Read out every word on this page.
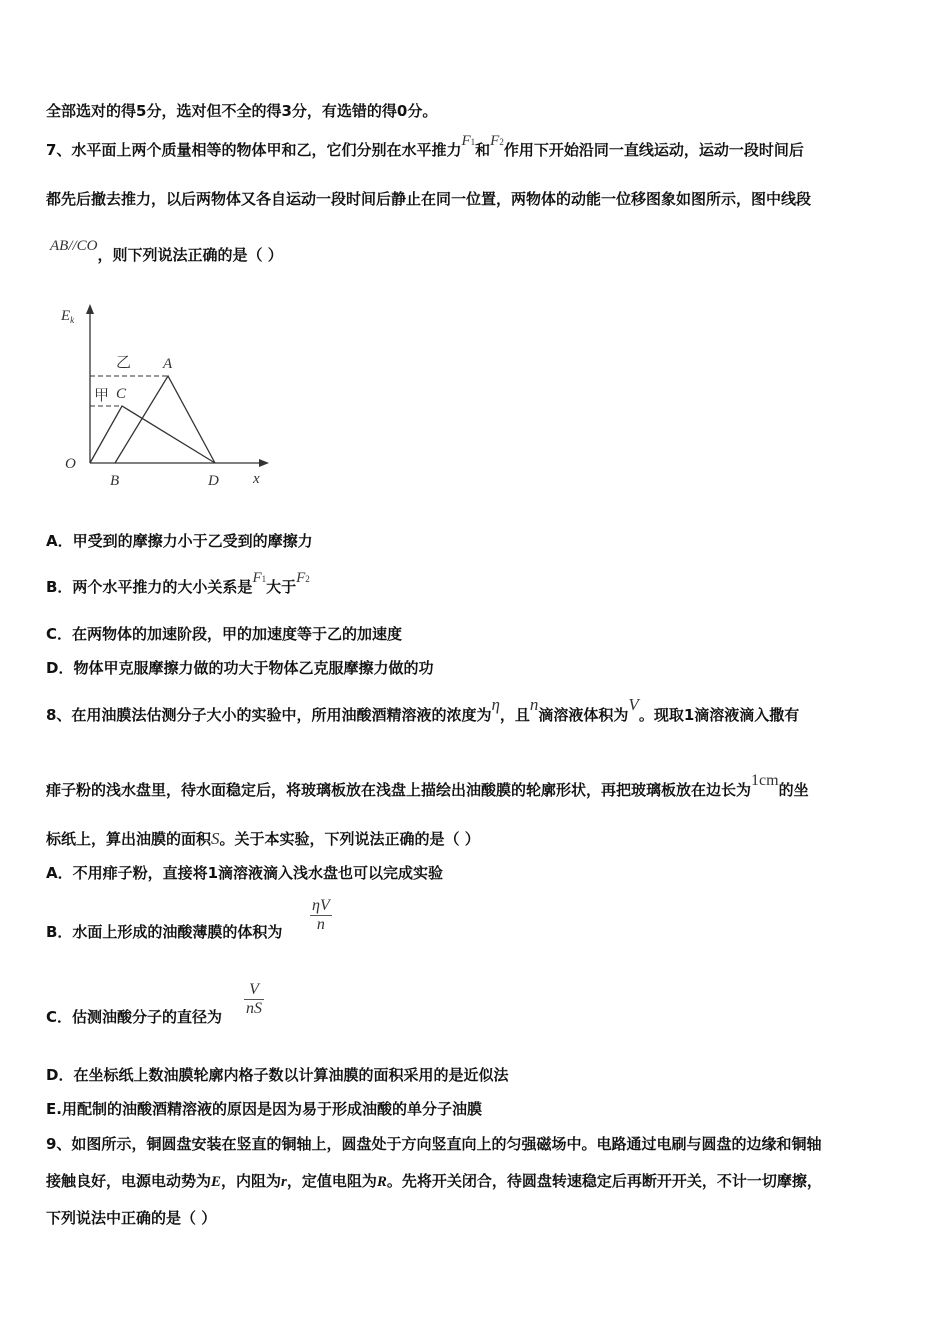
全部选对的得5分，选对但不全的得3分，有选错的得0分。
7、水平面上两个质量相等的物体甲和乙，它们分别在水平推力F1和F2作用下开始沿同一直线运动，运动一段时间后
都先后撤去推力，以后两物体又各自运动一段时间后静止在同一位置，两物体的动能一位移图象如图所示，图中线段
AB//CO，则下列说法正确的是（ ）
$E_k$
O
乙 A
甲 C
B	D x
A．甲受到的摩擦力小于乙受到的摩擦力
B．两个水平推力的大小关系是F1大于F2
C．在两物体的加速阶段，甲的加速度等于乙的加速度
D．物体甲克服摩擦力做的功大于物体乙克服摩擦力做的功
8、在用油膜法估测分子大小的实验中，所用油酸酒精溶液的浓度为η，且n滴溶液体积为V。现取1滴溶液滴入撒有
痱子粉的浅水盘里，待水面稳定后，将玻璃板放在浅盘上描绘出油酸膜的轮廓形状，再把玻璃板放在边长为1cm的坐
标纸上，算出油膜的面积S。关于本实验，下列说法正确的是（ ）
A．不用痱子粉，直接将1滴溶液滴入浅水盘也可以完成实验
B．水面上形成的油酸薄膜的体积为 $\frac{\eta V}{n}$
C．估测油酸分子的直径为 $\frac{V}{nS}$
D．在坐标纸上数油膜轮廓内格子数以计算油膜的面积采用的是近似法
E.用配制的油酸酒精溶液的原因是因为易于形成油酸的单分子油膜
9、如图所示，铜圆盘安装在竖直的铜轴上，圆盘处于方向竖直向上的匀强磁场中。电路通过电刷与圆盘的边缘和铜轴
接触良好，电源电动势为E，内阻为r，定值电阻为R。先将开关闭合，待圆盘转速稳定后再断开开关，不计一切摩擦，
下列说法中正确的是（ ）
